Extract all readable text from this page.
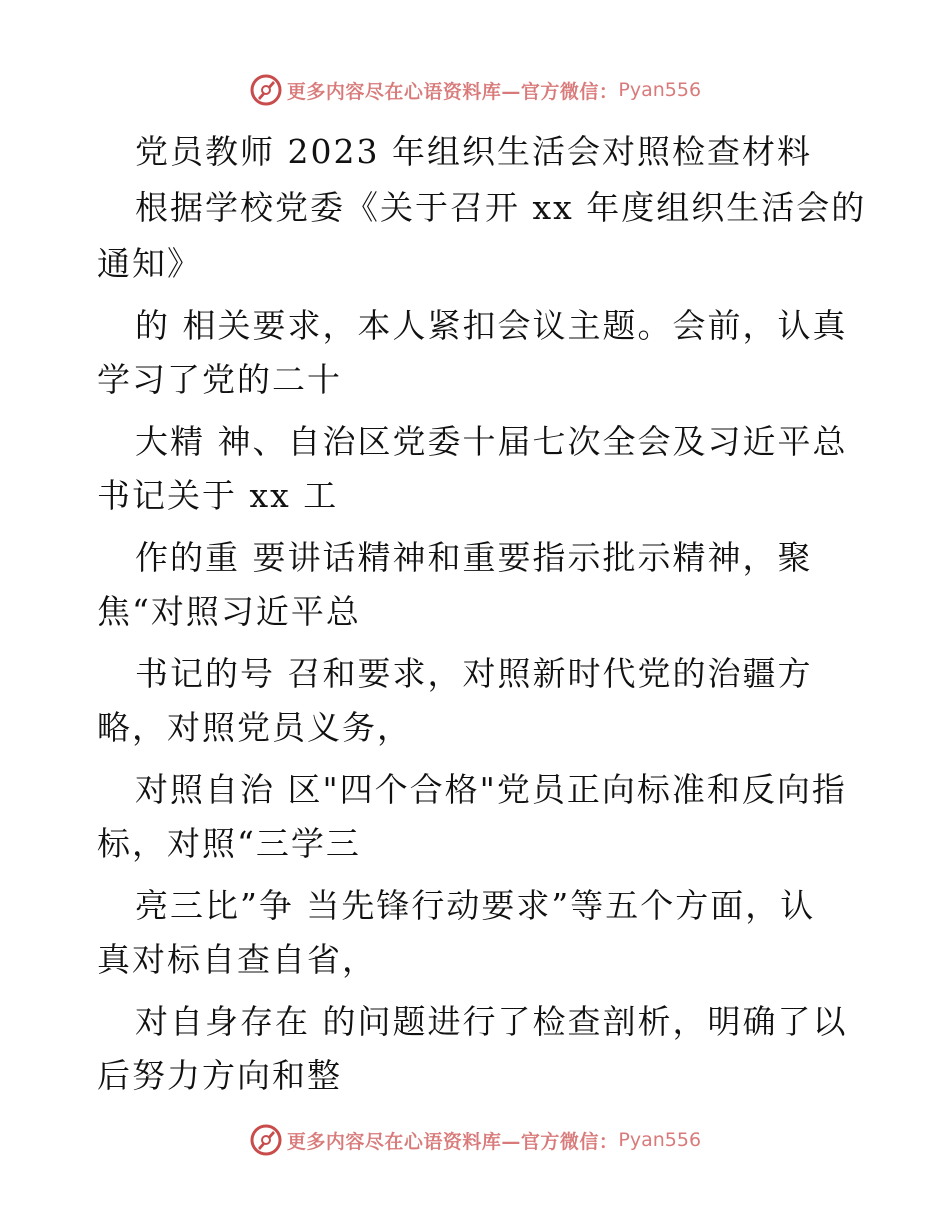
更多内容尽在心语资料库—官方微信： Pyan556
党员教师 2023 年组织生活会对照检查材料
根据学校党委《关于召开 xx 年度组织生活会的
通知》
的 相关要求，本人紧扣会议主题。会前，认真
学习了党的二十
大精 神、自治区党委十届七次全会及习近平总
书记关于 xx 工
作的重 要讲话精神和重要指示批示精神，聚
焦“对照习近平总
书记的号 召和要求，对照新时代党的治疆方
略，对照党员义务，
对照自治 区"四个合格"党员正向标准和反向指
标，对照“三学三
亮三比”争 当先锋行动要求”等五个方面，认
真对标自查自省，
对自身存在 的问题进行了检查剖析，明确了以
后努力方向和整
更多内容尽在心语资料库—官方微信： Pyan556
